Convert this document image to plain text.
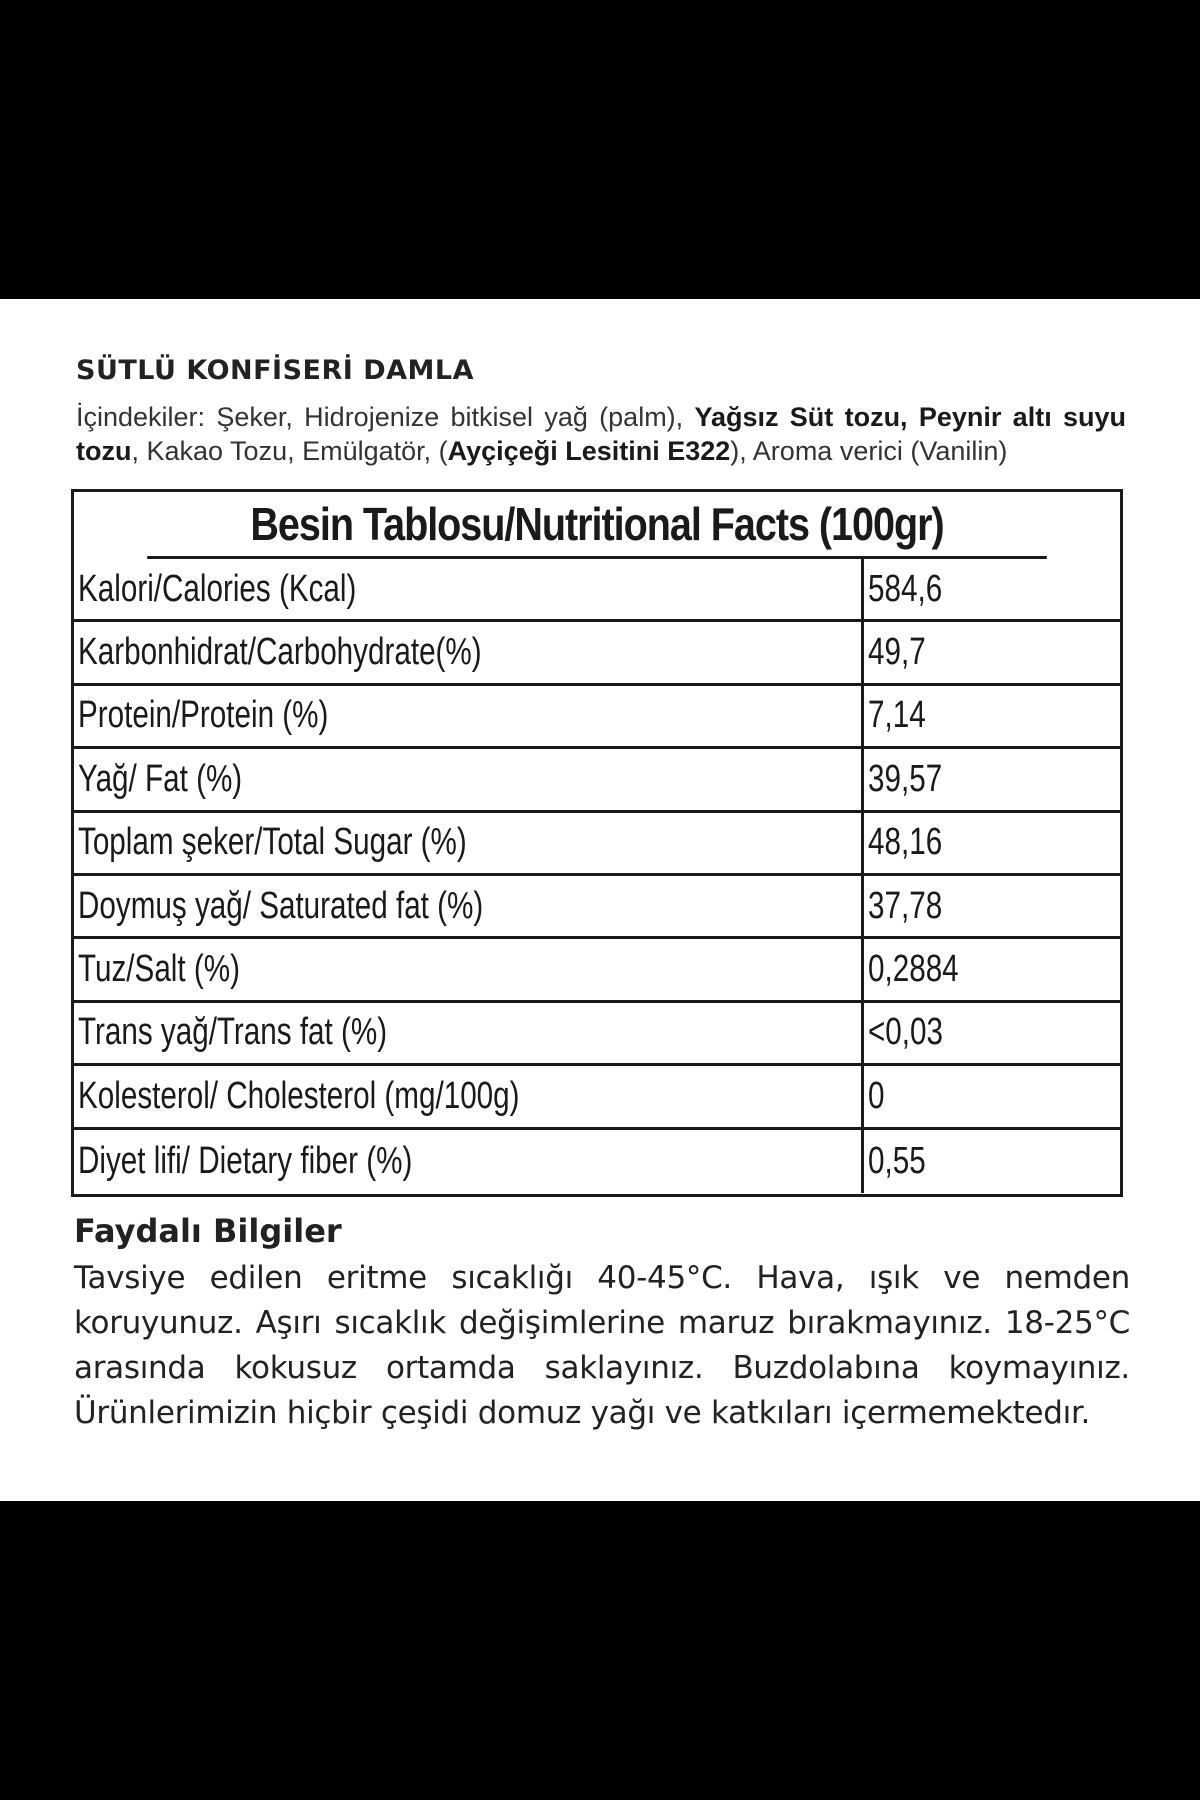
SÜTLÜ KONFİSERİ DAMLA
İçindekiler: Şeker, Hidrojenize bitkisel yağ (palm), Yağsız Süt tozu, Peynir altı suyu tozu, Kakao Tozu, Emülgatör, (Ayçiçeği Lesitini E322), Aroma verici (Vanilin)
Besin Tablosu/Nutritional Facts (100gr)
Kalori/Calories (Kcal)	584,6
Karbonhidrat/Carbohydrate(%)	49,7
Protein/Protein (%)	7,14
Yağ/ Fat (%)	39,57
Toplam şeker/Total Sugar (%)	48,16
Doymuş yağ/ Saturated fat (%)	37,78
Tuz/Salt (%)	0,2884
Trans yağ/Trans fat (%)	<0,03
Kolesterol/ Cholesterol (mg/100g)	0
Diyet lifi/ Dietary fiber (%)	0,55
Faydalı Bilgiler
Tavsiye edilen eritme sıcaklığı 40-45°C. Hava, ışık ve nemden koruyunuz. Aşırı sıcaklık değişimlerine maruz bırakmayınız. 18-25°C arasında kokusuz ortamda saklayınız. Buzdolabına koymayınız. Ürünlerimizin hiçbir çeşidi domuz yağı ve katkıları içermemektedır.
